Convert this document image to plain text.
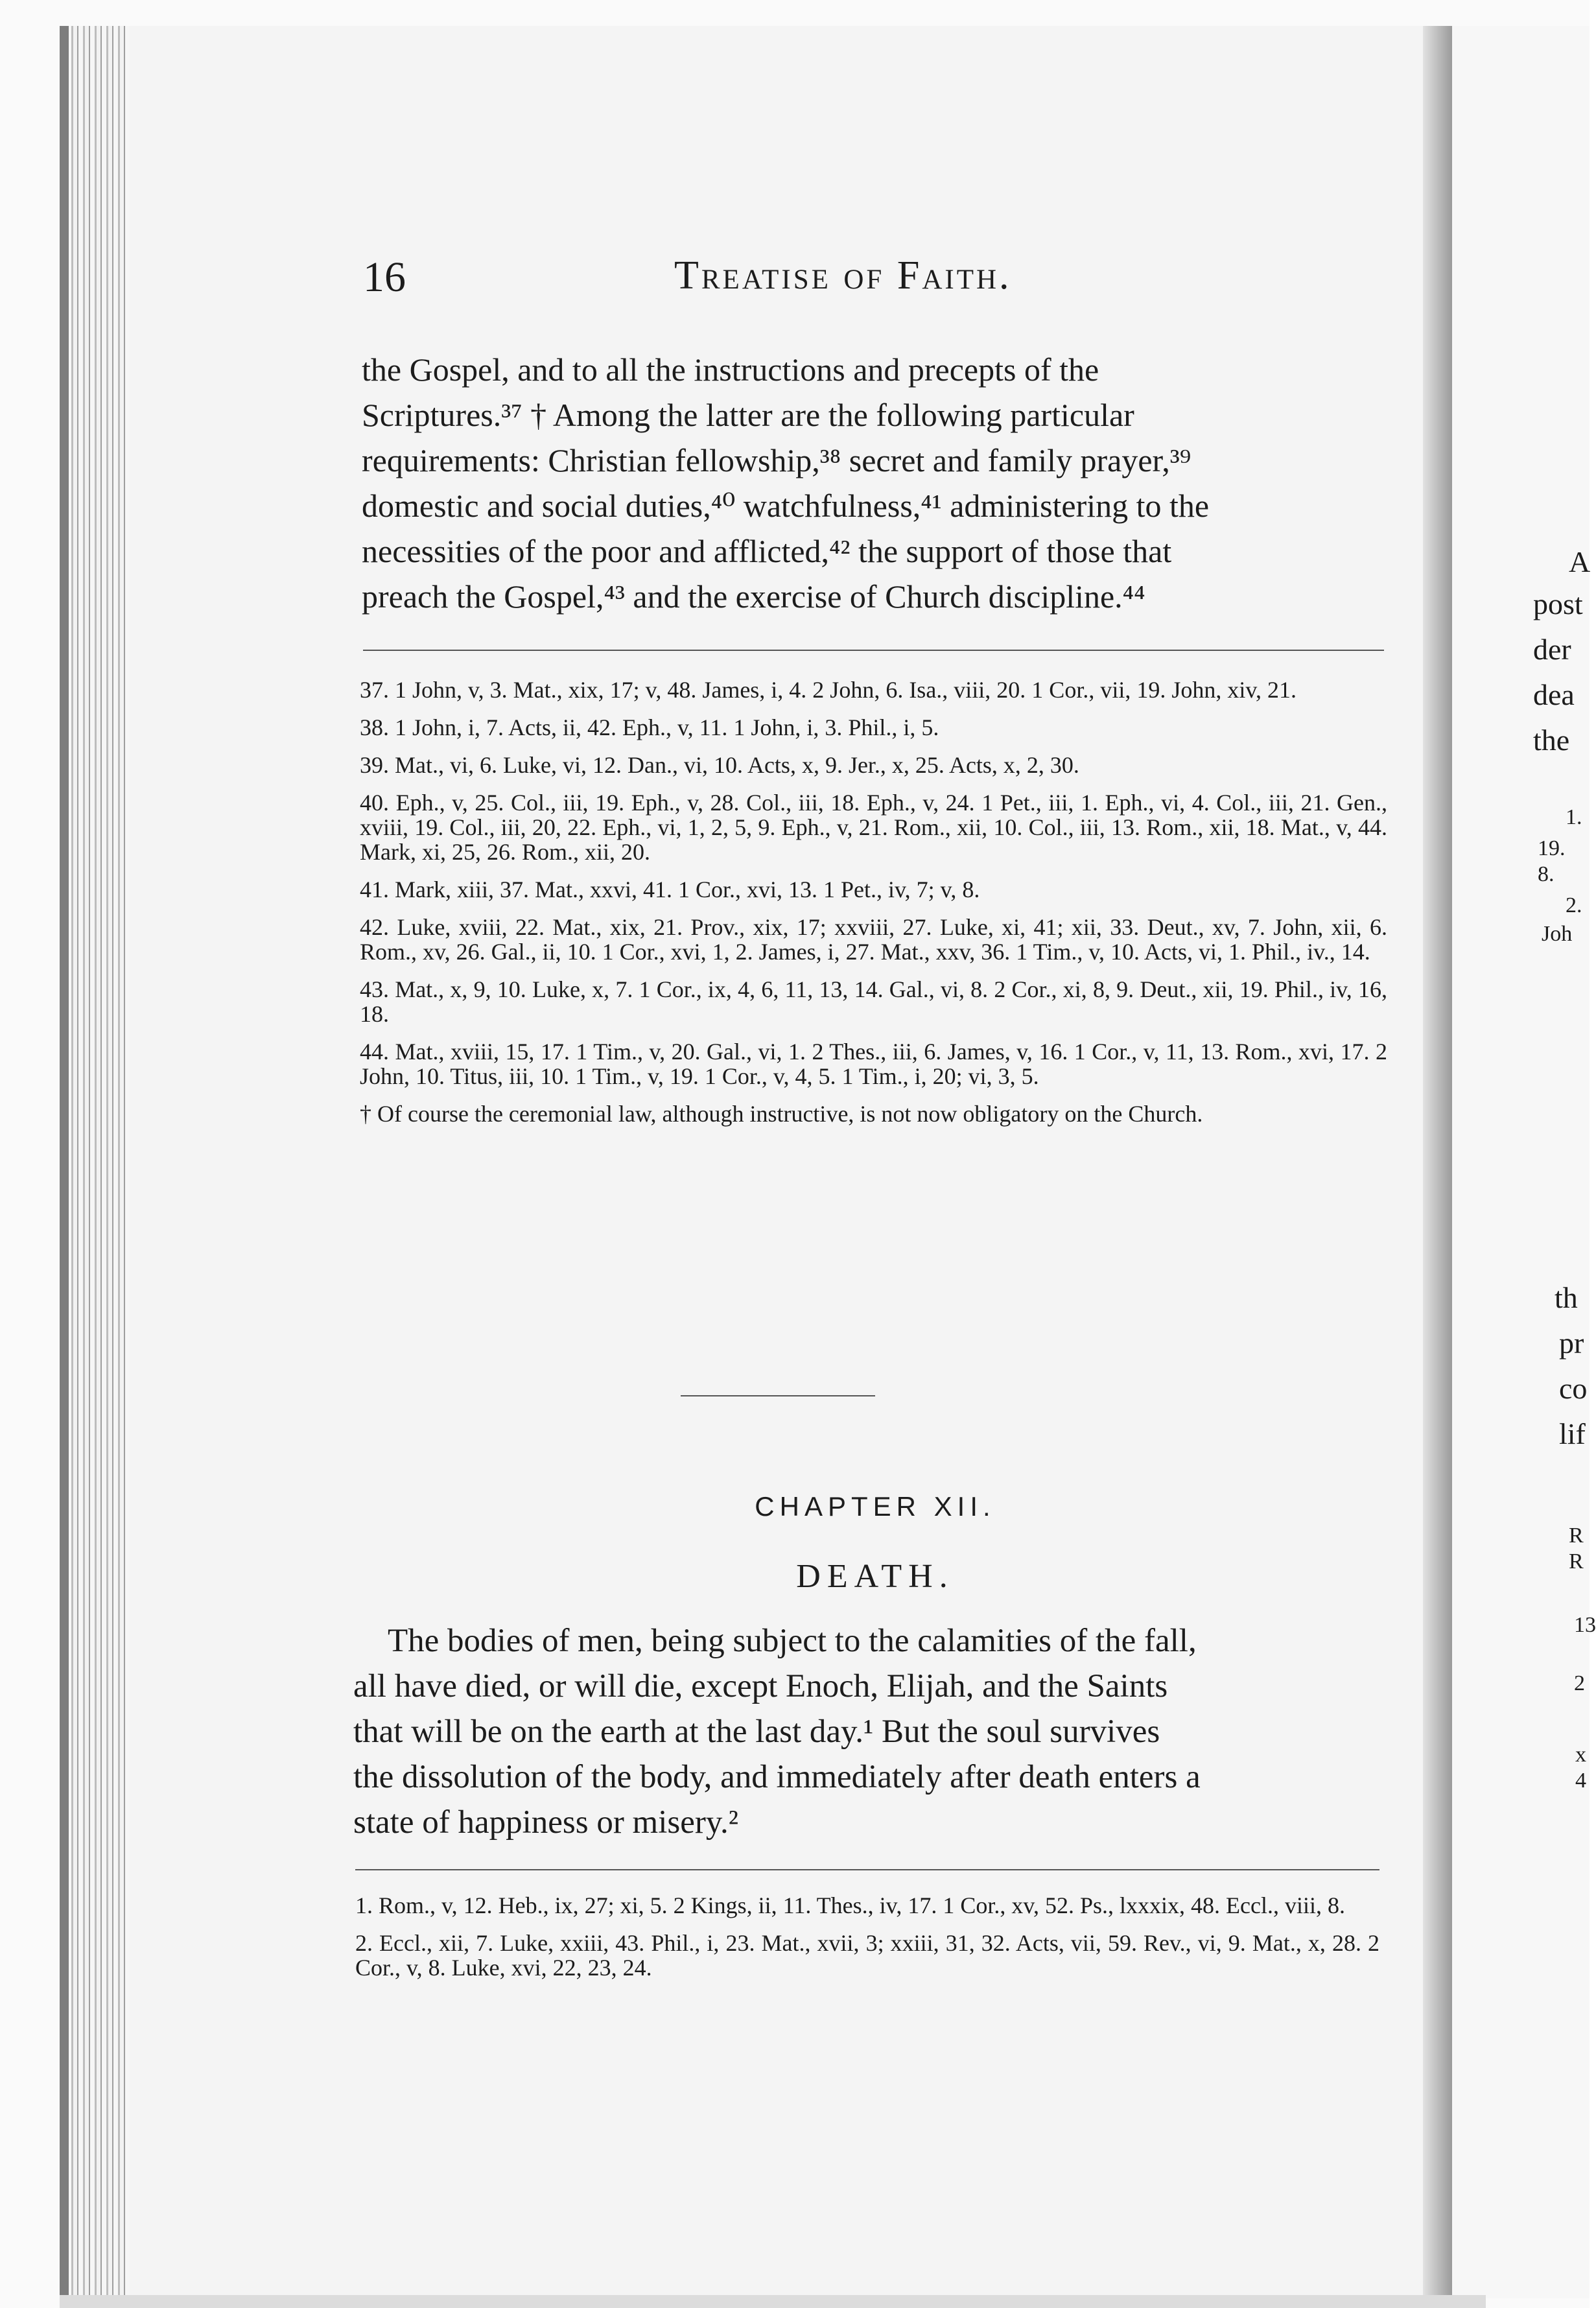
16	Treatise of Faith.
the Gospel, and to all the instructions and precepts of the
Scriptures.³⁷ † Among the latter are the following particular
requirements: Christian fellowship,³⁸ secret and family prayer,³⁹
domestic and social duties,⁴⁰ watchfulness,⁴¹ administering to the
necessities of the poor and afflicted,⁴² the support of those that
preach the Gospel,⁴³ and the exercise of Church discipline.⁴⁴

37. 1 John, v, 3. Mat., xix, 17; v, 48. James, i, 4. 2 John, 6. Isa., viii, 20. 1 Cor., vii, 19. John, xiv, 21.

38. 1 John, i, 7. Acts, ii, 42. Eph., v, 11. 1 John, i, 3. Phil., i, 5.

39. Mat., vi, 6. Luke, vi, 12. Dan., vi, 10. Acts, x, 9. Jer., x, 25. Acts, x, 2, 30.

40. Eph., v, 25. Col., iii, 19. Eph., v, 28. Col., iii, 18. Eph., v, 24. 1 Pet., iii, 1. Eph., vi, 4. Col., iii, 21. Gen., xviii, 19. Col., iii, 20, 22. Eph., vi, 1, 2, 5, 9. Eph., v, 21. Rom., xii, 10. Col., iii, 13. Rom., xii, 18. Mat., v, 44. Mark, xi, 25, 26. Rom., xii, 20.

41. Mark, xiii, 37. Mat., xxvi, 41. 1 Cor., xvi, 13. 1 Pet., iv, 7; v, 8.

42. Luke, xviii, 22. Mat., xix, 21. Prov., xix, 17; xxviii, 27. Luke, xi, 41; xii, 33. Deut., xv, 7. John, xii, 6. Rom., xv, 26. Gal., ii, 10. 1 Cor., xvi, 1, 2. James, i, 27. Mat., xxv, 36. 1 Tim., v, 10. Acts, vi, 1. Phil., iv., 14.

43. Mat., x, 9, 10. Luke, x, 7. 1 Cor., ix, 4, 6, 11, 13, 14. Gal., vi, 8. 2 Cor., xi, 8, 9. Deut., xii, 19. Phil., iv, 16, 18.

44. Mat., xviii, 15, 17. 1 Tim., v, 20. Gal., vi, 1. 2 Thes., iii, 6. James, v, 16. 1 Cor., v, 11, 13. Rom., xvi, 17. 2 John, 10. Titus, iii, 10. 1 Tim., v, 19. 1 Cor., v, 4, 5. 1 Tim., i, 20; vi, 3, 5.

† Of course the ceremonial law, although instructive, is not now obligatory on the Church.

CHAPTER XII.
DEATH.
The bodies of men, being subject to the calamities of the fall,
all have died, or will die, except Enoch, Elijah, and the Saints
that will be on the earth at the last day.¹ But the soul survives
the dissolution of the body, and immediately after death enters a
state of happiness or misery.²

1. Rom., v, 12. Heb., ix, 27; xi, 5. 2 Kings, ii, 11. Thes., iv, 17. 1 Cor., xv, 52. Ps., lxxxix, 48. Eccl., viii, 8.

2. Eccl., xii, 7. Luke, xxiii, 43. Phil., i, 23. Mat., xvii, 3; xxiii, 31, 32. Acts, vii, 59. Rev., vi, 9. Mat., x, 28. 2 Cor., v, 8. Luke, xvi, 22, 23, 24.

A
post
der
dea
the
1.
19.
8.
2.
Joh
th
pr
co
lif
R
R
13
2
x
4
